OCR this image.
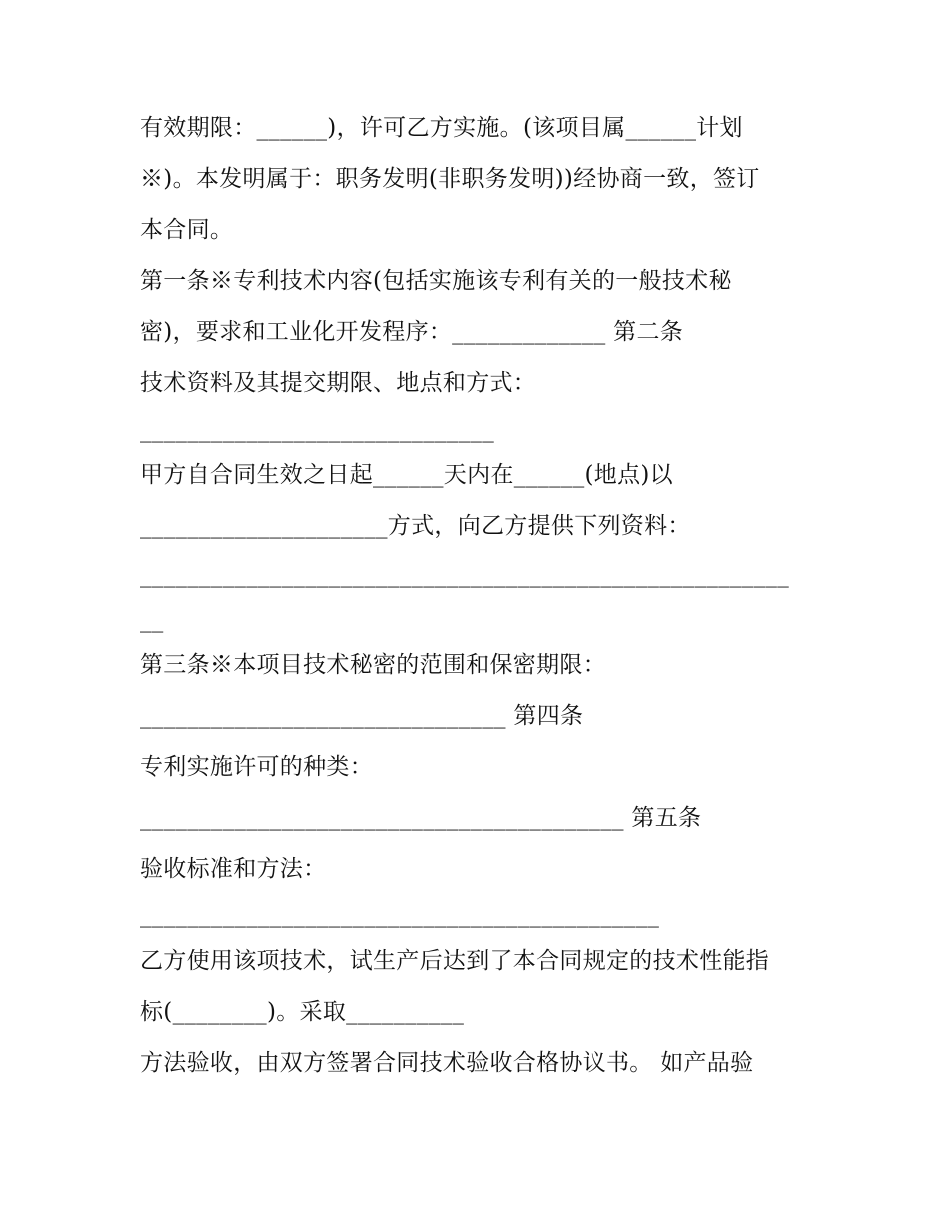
有效期限：______)，许可乙方实施。(该项目属______计划
※)。本发明属于：职务发明(非职务发明))经协商一致，签订
本合同。
第一条※专利技术内容(包括实施该专利有关的一般技术秘
密)，要求和工业化开发程序：_____________ 第二条
技术资料及其提交期限、地点和方式：
______________________________
甲方自合同生效之日起______天内在______(地点)以
_____________________方式，向乙方提供下列资料：
_______________________________________________________
__
第三条※本项目技术秘密的范围和保密期限：
_______________________________ 第四条
专利实施许可的种类：
_________________________________________ 第五条
验收标准和方法：
____________________________________________
乙方使用该项技术，试生产后达到了本合同规定的技术性能指
标(________)。采取__________
方法验收，由双方签署合同技术验收合格协议书。 如产品验
